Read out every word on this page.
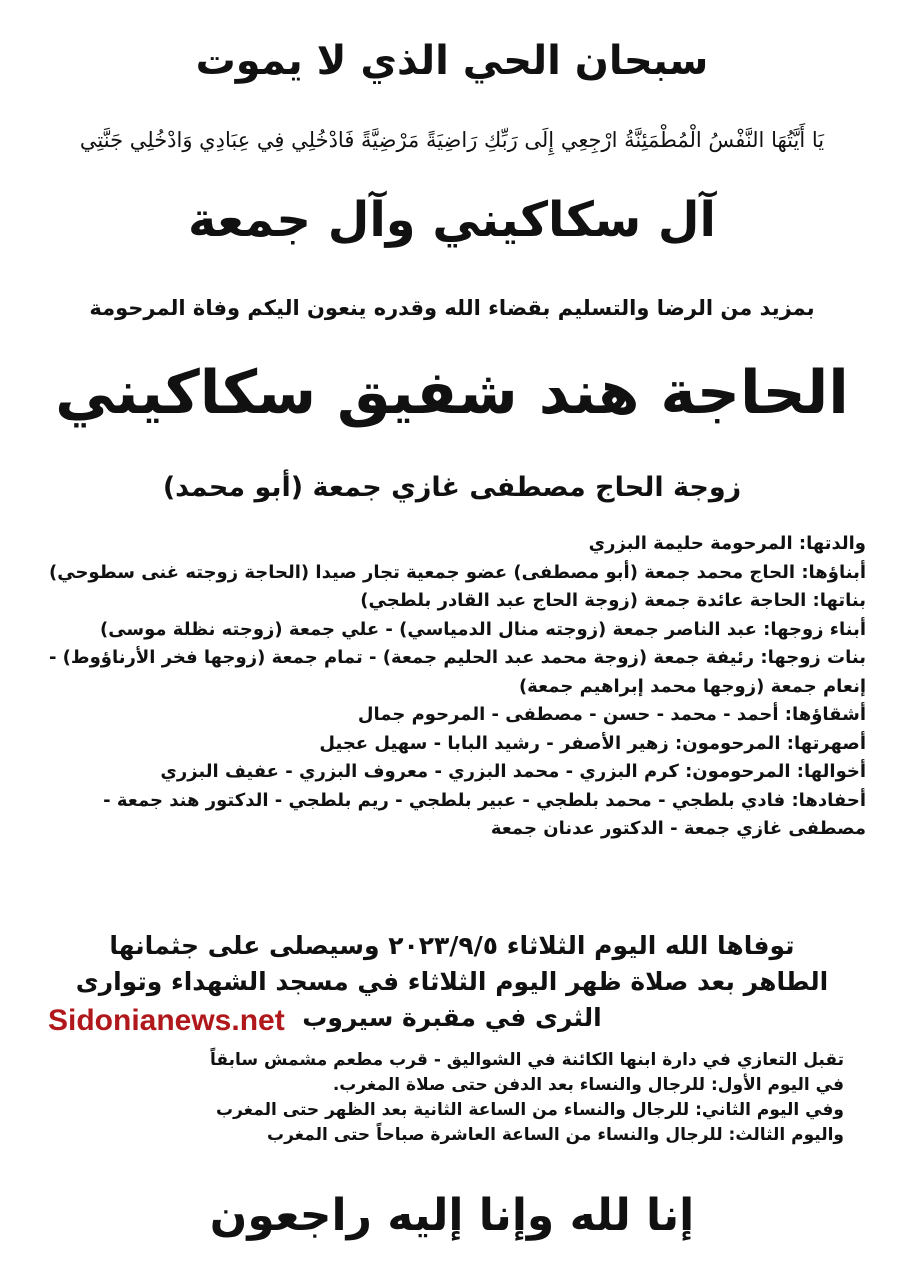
سبحان الحي الذي لا يموت
يَا أَيَّتُهَا النَّفْسُ الْمُطْمَئِنَّةُ ارْجِعِي إِلَى رَبِّكِ رَاضِيَةً مَرْضِيَّةً فَادْخُلِي فِي عِبَادِي وَادْخُلِي جَنَّتِي
آل سكاكيني وآل جمعة
بمزيد من الرضا والتسليم بقضاء الله وقدره ينعون اليكم وفاة المرحومة
الحاجة هند شفيق سكاكيني
زوجة الحاج مصطفى غازي جمعة (أبو محمد)

والدتها: المرحومة حليمة البزري

أبناؤها: الحاج محمد جمعة (أبو مصطفى) عضو جمعية تجار صيدا (الحاجة زوجته غنى سطوحي)

بناتها: الحاجة عائدة جمعة (زوجة الحاج عبد القادر بلطجي)

أبناء زوجها: عبد الناصر جمعة (زوجته منال الدمياسي) - علي جمعة (زوجته نظلة موسى)

بنات زوجها: رئيفة جمعة (زوجة محمد عبد الحليم جمعة) - تمام جمعة (زوجها فخر الأرناؤوط) - إنعام جمعة (زوجها محمد إبراهيم جمعة)

أشقاؤها: أحمد - محمد - حسن - مصطفى - المرحوم جمال

أصهرتها: المرحومون: زهير الأصفر - رشيد البابا - سهيل عجيل

أخوالها: المرحومون: كرم البزري - محمد البزري - معروف البزري - عفيف البزري

أحفادها: فادي بلطجي - محمد بلطجي - عبير بلطجي - ريم بلطجي - الدكتور هند جمعة - مصطفى غازي جمعة - الدكتور عدنان جمعة

توفاها الله اليوم الثلاثاء ٢٠٢٣/٩/٥ وسيصلى على جثمانها

الطاهر بعد صلاة ظهر اليوم الثلاثاء في مسجد الشهداء وتوارى

الثرى في مقبرة سيروب

Sidonianews.net

تقبل التعازي في دارة ابنها الكائنة في الشواليق - قرب مطعم مشمش سابقاً

في اليوم الأول: للرجال والنساء بعد الدفن حتى صلاة المغرب.

وفي اليوم الثاني: للرجال والنساء من الساعة الثانية بعد الظهر حتى المغرب

واليوم الثالث: للرجال والنساء من الساعة العاشرة صباحاً حتى المغرب

إنا لله وإنا إليه راجعون
